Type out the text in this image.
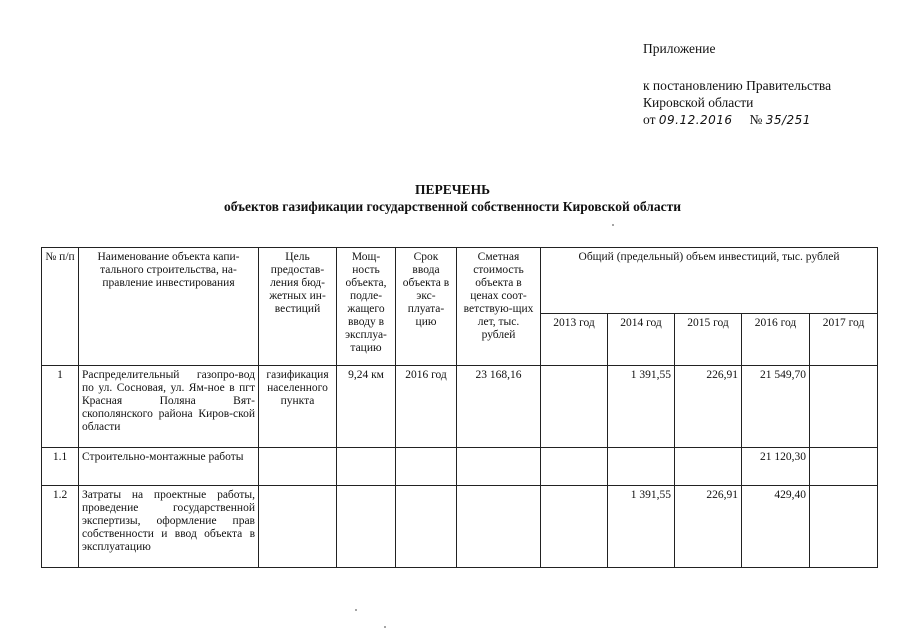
Приложение
к постановлению Правительства
Кировской области
от 09.12.2016 № 35/251
ПЕРЕЧЕНЬ
объектов газификации государственной собственности Кировской области
№ п/п	Наименование объекта капи-тального строительства, на-правление инвестирования	Цель предостав-ления бюд-жетных ин-вестиций	Мощ-ность объекта, подле-жащего вводу в эксплуа-тацию	Срок ввода объекта в экс-плуата-цию	Сметная стоимость объекта в ценах соот-ветствую-щих лет, тыс. рублей	Общий (предельный) объем инвестиций, тыс. рублей				
						2013 год	2014 год	2015 год	2016 год	2017 год
1	Распределительный газопро-вод по ул. Сосновая, ул. Ям-ное в пгт Красная Поляна Вят-скополянского района Киров-ской области	газификация населенного пункта	9,24 км	2016 год	23 168,16		1 391,55	226,91	21 549,70	
1.1	Строительно-монтажные работы								21 120,30	
1.2	Затраты на проектные работы, проведение государственной экспертизы, оформление прав собственности и ввод объекта в эксплуатацию						1 391,55	226,91	429,40	
